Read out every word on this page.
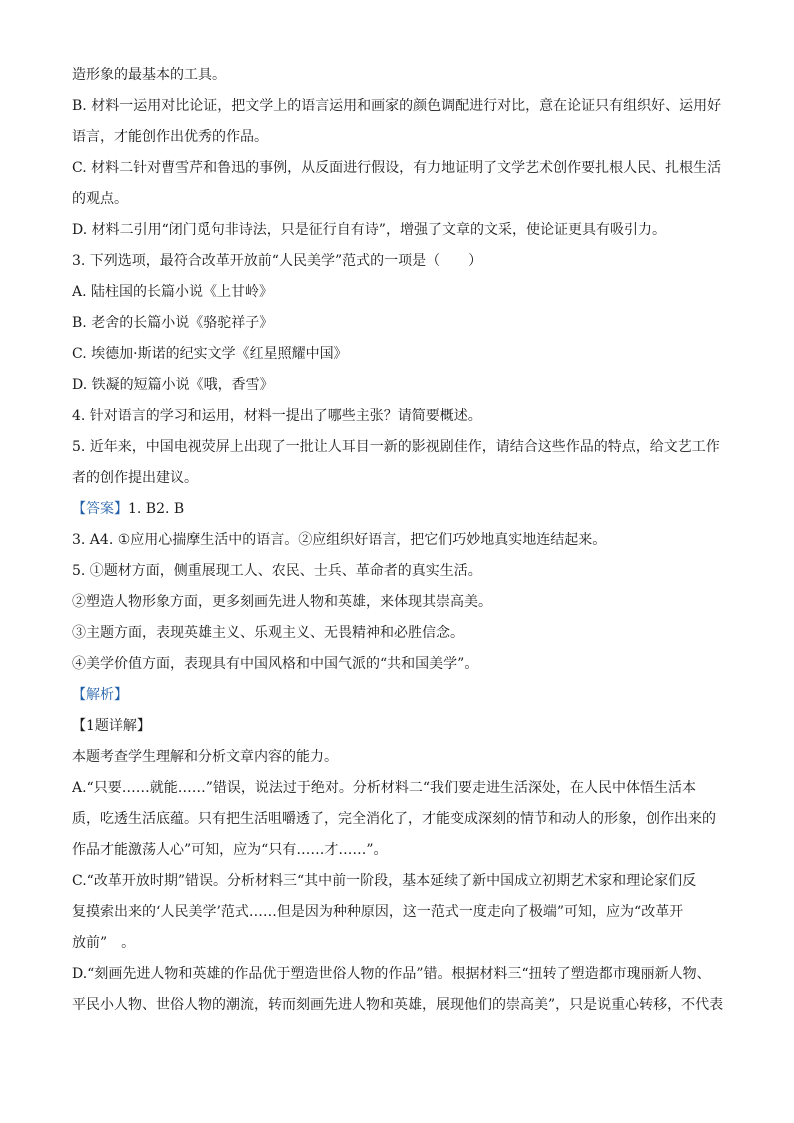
造形象的最基本的工具。
B. 材料一运用对比论证，把文学上的语言运用和画家的颜色调配进行对比，意在论证只有组织好、运用好
语言，才能创作出优秀的作品。
C. 材料二针对曹雪芹和鲁迅的事例，从反面进行假设，有力地证明了文学艺术创作要扎根人民、扎根生活
的观点。
D. 材料二引用“闭门觅句非诗法，只是征行自有诗”，增强了文章的文采，使论证更具有吸引力。
3. 下列选项，最符合改革开放前“人民美学”范式的一项是（　　）
A. 陆柱国的长篇小说《上甘岭》
B. 老舍的长篇小说《骆驼祥子》
C. 埃德加·斯诺的纪实文学《红星照耀中国》
D. 铁凝的短篇小说《哦，香雪》
4. 针对语言的学习和运用，材料一提出了哪些主张？请简要概述。
5. 近年来，中国电视荧屏上出现了一批让人耳目一新的影视剧佳作，请结合这些作品的特点，给文艺工作
者的创作提出建议。
【答案】1. B2. B
3. A4. ①应用心揣摩生活中的语言。②应组织好语言，把它们巧妙地真实地连结起来。
5. ①题材方面，侧重展现工人、农民、士兵、革命者的真实生活。
②塑造人物形象方面，更多刻画先进人物和英雄，来体现其崇高美。
③主题方面，表现英雄主义、乐观主义、无畏精神和必胜信念。
④美学价值方面，表现具有中国风格和中国气派的“共和国美学”。
【解析】
【1题详解】
本题考查学生理解和分析文章内容的能力。
A.“只要……就能……”错误，说法过于绝对。分析材料二“我们要走进生活深处，在人民中体悟生活本
质，吃透生活底蕴。只有把生活咀嚼透了，完全消化了，才能变成深刻的情节和动人的形象，创作出来的
作品才能激荡人心”可知，应为“只有……才……”。
C.“改革开放时期”错误。分析材料三“其中前一阶段，基本延续了新中国成立初期艺术家和理论家们反
复摸索出来的‘人民美学’范式……但是因为种种原因，这一范式一度走向了极端”可知，应为“改革开
放前”　。
D.“刻画先进人物和英雄的作品优于塑造世俗人物的作品”错。根据材料三“扭转了塑造都市瑰丽新人物、
平民小人物、世俗人物的潮流，转而刻画先进人物和英雄，展现他们的崇高美”，只是说重心转移，不代表
